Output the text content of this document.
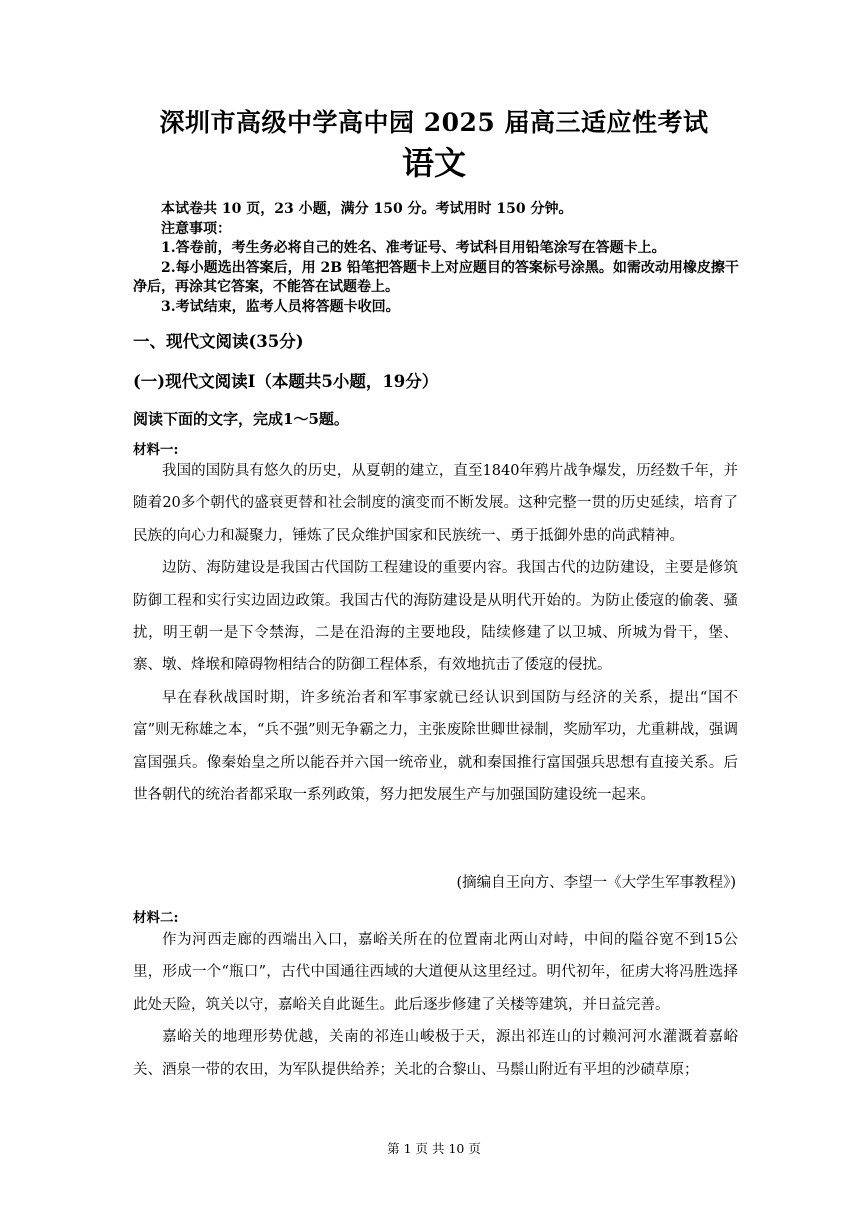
深圳市高级中学高中园 2025 届高三适应性考试
语文
本试卷共 10 页，23 小题，满分 150 分。考试用时 150 分钟。
注意事项：
1.答卷前，考生务必将自己的姓名、准考证号、考试科目用铅笔涂写在答题卡上。
2.每小题选出答案后，用 2B 铅笔把答题卡上对应题目的答案标号涂黑。如需改动用橡皮擦干净后，再涂其它答案，不能答在试题卷上。
3.考试结束，监考人员将答题卡收回。
一、现代文阅读(35分)
(一)现代文阅读Ⅰ（本题共5小题，19分）
阅读下面的文字，完成1～5题。
材料一:

我国的国防具有悠久的历史，从夏朝的建立，直至1840年鸦片战争爆发，历经数千年，并随着20多个朝代的盛衰更替和社会制度的演变而不断发展。这种完整一贯的历史延续，培育了民族的向心力和凝聚力，锤炼了民众维护国家和民族统一、勇于抵御外患的尚武精神。

边防、海防建设是我国古代国防工程建设的重要内容。我国古代的边防建设，主要是修筑防御工程和实行实边固边政策。我国古代的海防建设是从明代开始的。为防止倭寇的偷袭、骚扰，明王朝一是下令禁海，二是在沿海的主要地段，陆续修建了以卫城、所城为骨干，堡、寨、墩、烽堠和障碍物相结合的防御工程体系，有效地抗击了倭寇的侵扰。

早在春秋战国时期，许多统治者和军事家就已经认识到国防与经济的关系，提出“国不富”则无称雄之本，“兵不强”则无争霸之力，主张废除世卿世禄制，奖励军功，尤重耕战，强调富国强兵。像秦始皇之所以能吞并六国一统帝业，就和秦国推行富国强兵思想有直接关系。后世各朝代的统治者都采取一系列政策，努力把发展生产与加强国防建设统一起来。

(摘编自王向方、李望一《大学生军事教程》)
材料二:

作为河西走廊的西端出入口，嘉峪关所在的位置南北两山对峙，中间的隘谷宽不到15公里，形成一个“瓶口”，古代中国通往西域的大道便从这里经过。明代初年，征虏大将冯胜选择此处天险，筑关以守，嘉峪关自此诞生。此后逐步修建了关楼等建筑，并日益完善。

嘉峪关的地理形势优越，关南的祁连山峻极于天，源出祁连山的讨赖河河水灌溉着嘉峪关、酒泉一带的农田，为军队提供给养；关北的合黎山、马鬃山附近有平坦的沙碛草原；

第 1 页 共 10 页
